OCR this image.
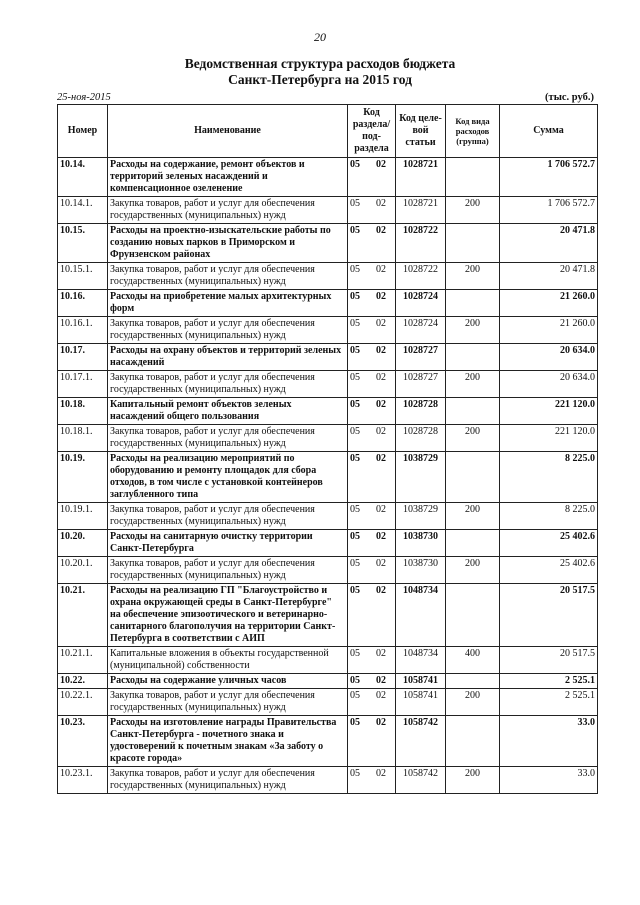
20
Ведомственная структура расходов бюджета
Санкт-Петербурга на 2015 год
25-ноя-2015	(тыс. руб.)
Номер	Наименование	Код раздела/ под- раздела	Код целе- вой статьи	Код вида расходов (группа)	Сумма
10.14.	Расходы на содержание, ремонт объектов и территорий зеленых насаждений и компенсационное озеленение	05 02	1028721		1 706 572.7
10.14.1.	Закупка товаров, работ и услуг для обеспечения государственных (муниципальных) нужд	05 02	1028721	200	1 706 572.7
10.15.	Расходы на проектно-изыскательские работы по созданию новых парков в Приморском и Фрунзенском районах	05 02	1028722		20 471.8
10.15.1.	Закупка товаров, работ и услуг для обеспечения государственных (муниципальных) нужд	05 02	1028722	200	20 471.8
10.16.	Расходы на приобретение малых архитектурных форм	05 02	1028724		21 260.0
10.16.1.	Закупка товаров, работ и услуг для обеспечения государственных (муниципальных) нужд	05 02	1028724	200	21 260.0
10.17.	Расходы на охрану объектов и территорий зеленых насаждений	05 02	1028727		20 634.0
10.17.1.	Закупка товаров, работ и услуг для обеспечения государственных (муниципальных) нужд	05 02	1028727	200	20 634.0
10.18.	Капитальный ремонт объектов зеленых насаждений общего пользования	05 02	1028728		221 120.0
10.18.1.	Закупка товаров, работ и услуг для обеспечения государственных (муниципальных) нужд	05 02	1028728	200	221 120.0
10.19.	Расходы на реализацию мероприятий по оборудованию и ремонту площадок для сбора отходов, в том числе с установкой контейнеров заглубленного типа	05 02	1038729		8 225.0
10.19.1.	Закупка товаров, работ и услуг для обеспечения государственных (муниципальных) нужд	05 02	1038729	200	8 225.0
10.20.	Расходы на санитарную очистку территории Санкт-Петербурга	05 02	1038730		25 402.6
10.20.1.	Закупка товаров, работ и услуг для обеспечения государственных (муниципальных) нужд	05 02	1038730	200	25 402.6
10.21.	Расходы на реализацию ГП "Благоустройство и охрана окружающей среды в Санкт-Петербурге" на обеспечение эпизоотического и ветеринарно-санитарного благополучия на территории Санкт-Петербурга в соответствии с АИП	05 02	1048734		20 517.5
10.21.1.	Капитальные вложения в объекты государственной (муниципальной) собственности	05 02	1048734	400	20 517.5
10.22.	Расходы на содержание уличных часов	05 02	1058741		2 525.1
10.22.1.	Закупка товаров, работ и услуг для обеспечения государственных (муниципальных) нужд	05 02	1058741	200	2 525.1
10.23.	Расходы на изготовление награды Правительства Санкт-Петербурга - почетного знака и удостоверений к почетным знакам «За заботу о красоте города»	05 02	1058742		33.0
10.23.1.	Закупка товаров, работ и услуг для обеспечения государственных (муниципальных) нужд	05 02	1058742	200	33.0
